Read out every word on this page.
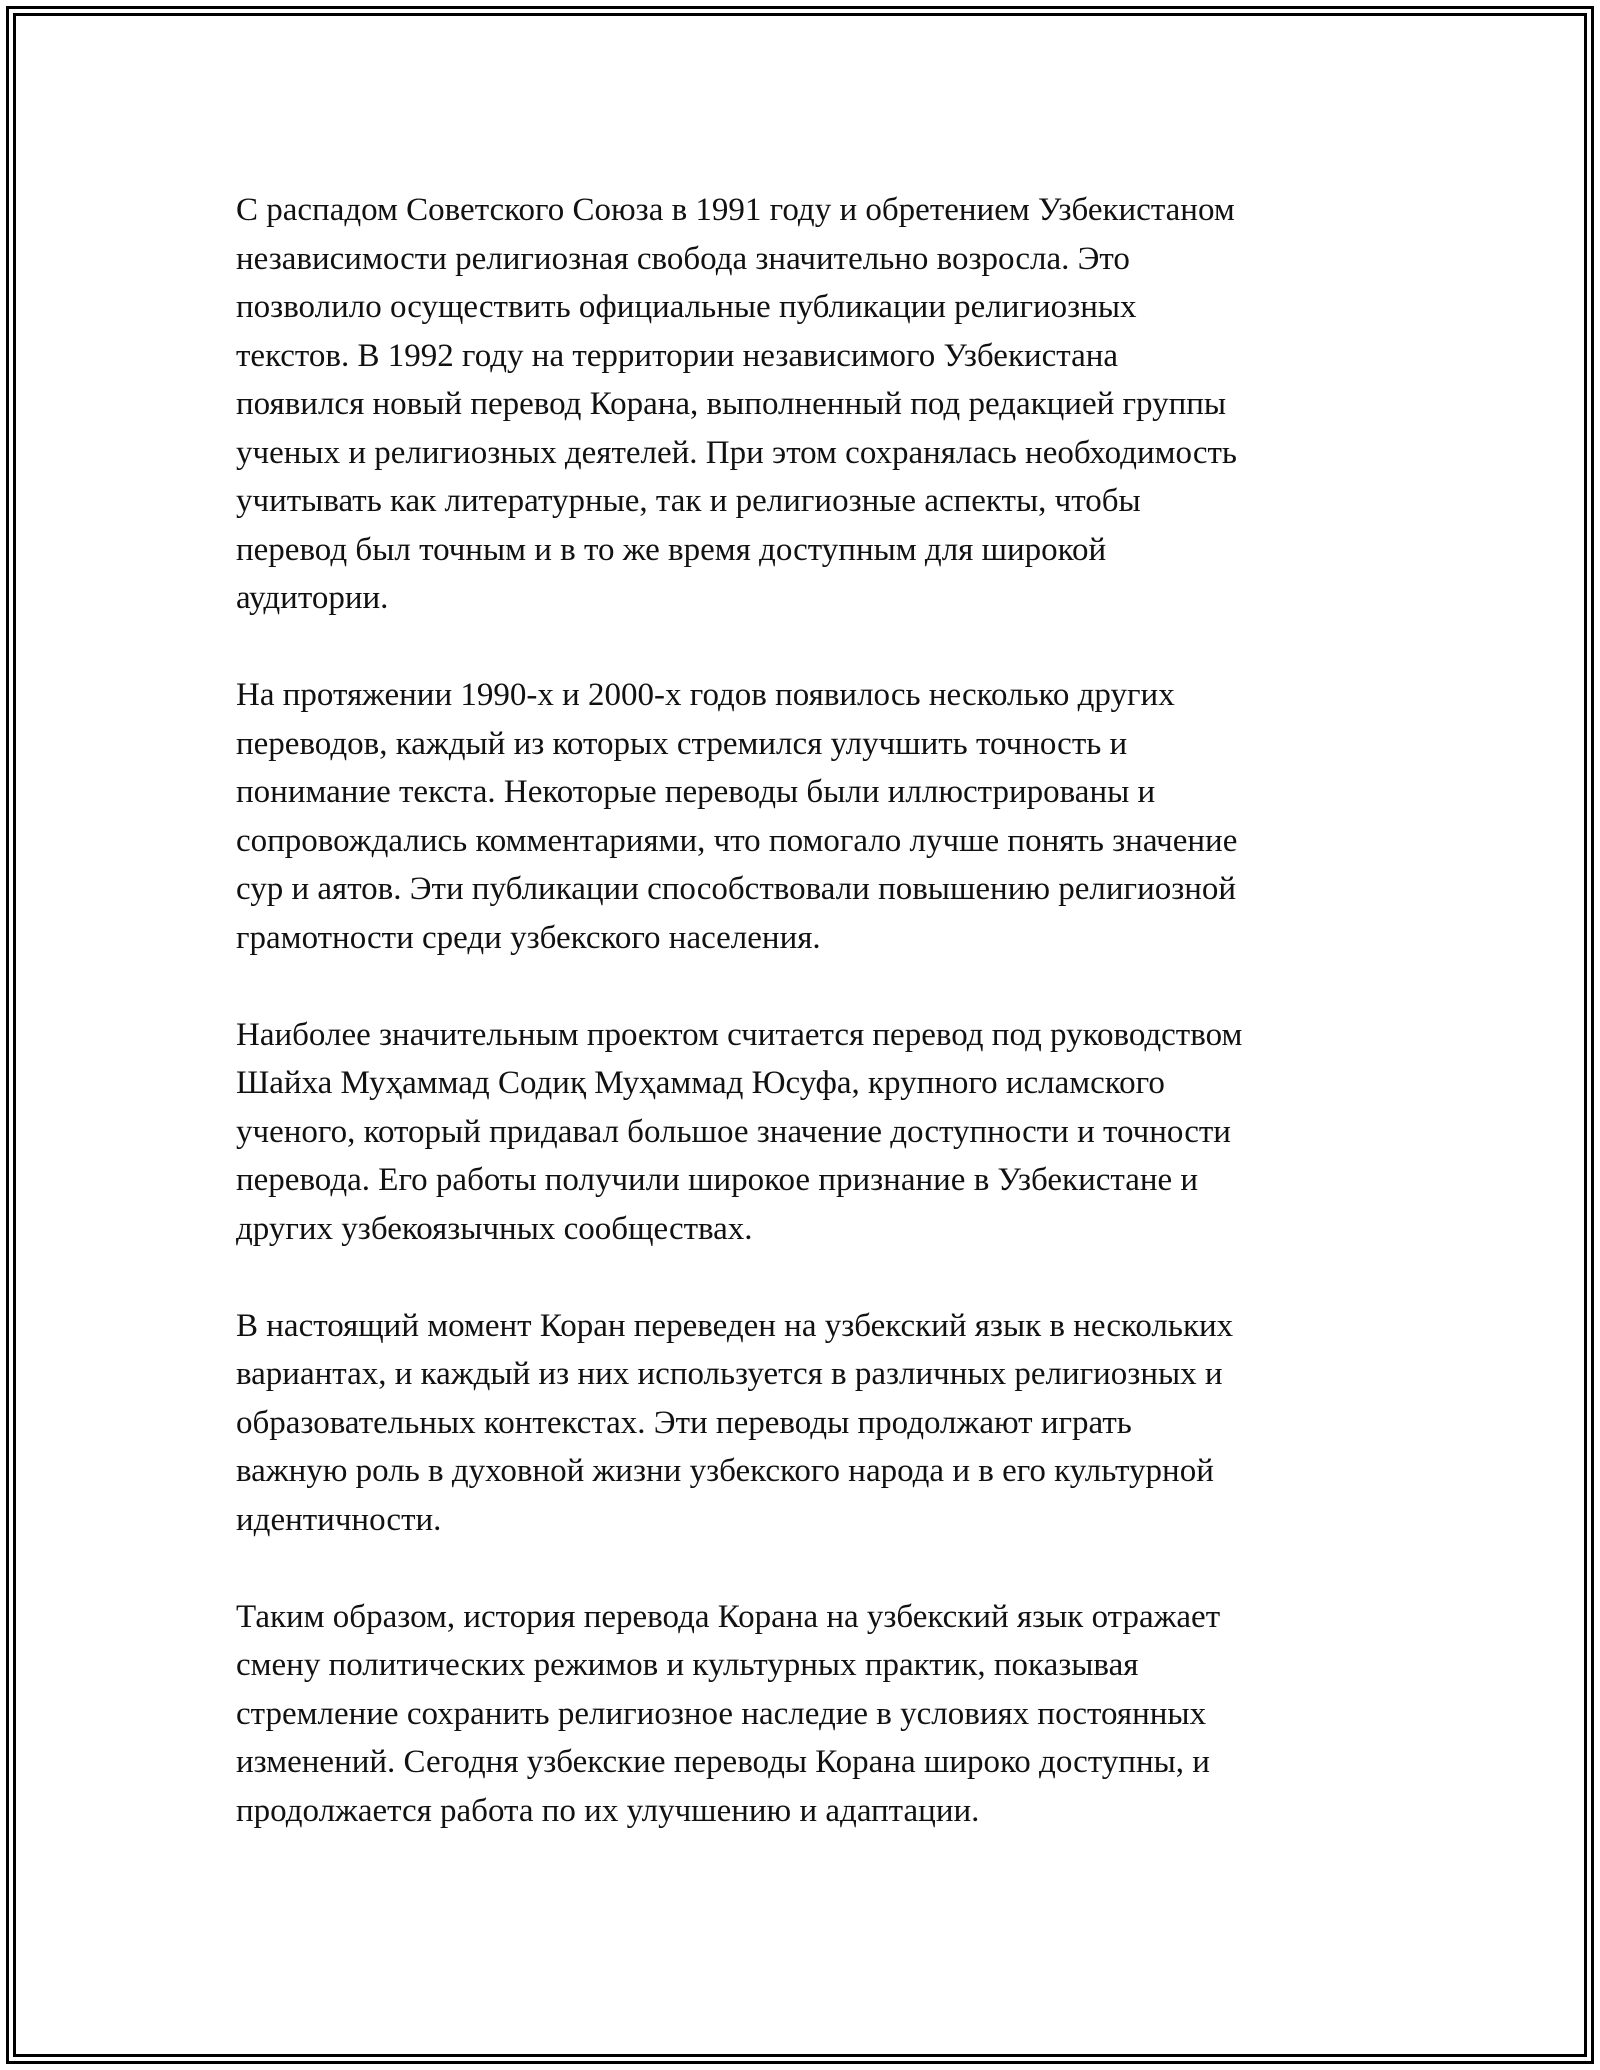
С распадом Советского Союза в 1991 году и обретением Узбекистаном
независимости религиозная свобода значительно возросла. Это
позволило осуществить официальные публикации религиозных
текстов. В 1992 году на территории независимого Узбекистана
появился новый перевод Корана, выполненный под редакцией группы
ученых и религиозных деятелей. При этом сохранялась необходимость
учитывать как литературные, так и религиозные аспекты, чтобы
перевод был точным и в то же время доступным для широкой
аудитории.

На протяжении 1990-х и 2000-х годов появилось несколько других
переводов, каждый из которых стремился улучшить точность и
понимание текста. Некоторые переводы были иллюстрированы и
сопровождались комментариями, что помогало лучше понять значение
сур и аятов. Эти публикации способствовали повышению религиозной
грамотности среди узбекского населения.

Наиболее значительным проектом считается перевод под руководством
Шайха Муҳаммад Содиқ Муҳаммад Юсуфа, крупного исламского
ученого, который придавал большое значение доступности и точности
перевода. Его работы получили широкое признание в Узбекистане и
других узбекоязычных сообществах.

В настоящий момент Коран переведен на узбекский язык в нескольких
вариантах, и каждый из них используется в различных религиозных и
образовательных контекстах. Эти переводы продолжают играть
важную роль в духовной жизни узбекского народа и в его культурной
идентичности.

Таким образом, история перевода Корана на узбекский язык отражает
смену политических режимов и культурных практик, показывая
стремление сохранить религиозное наследие в условиях постоянных
изменений. Сегодня узбекские переводы Корана широко доступны, и
продолжается работа по их улучшению и адаптации.
